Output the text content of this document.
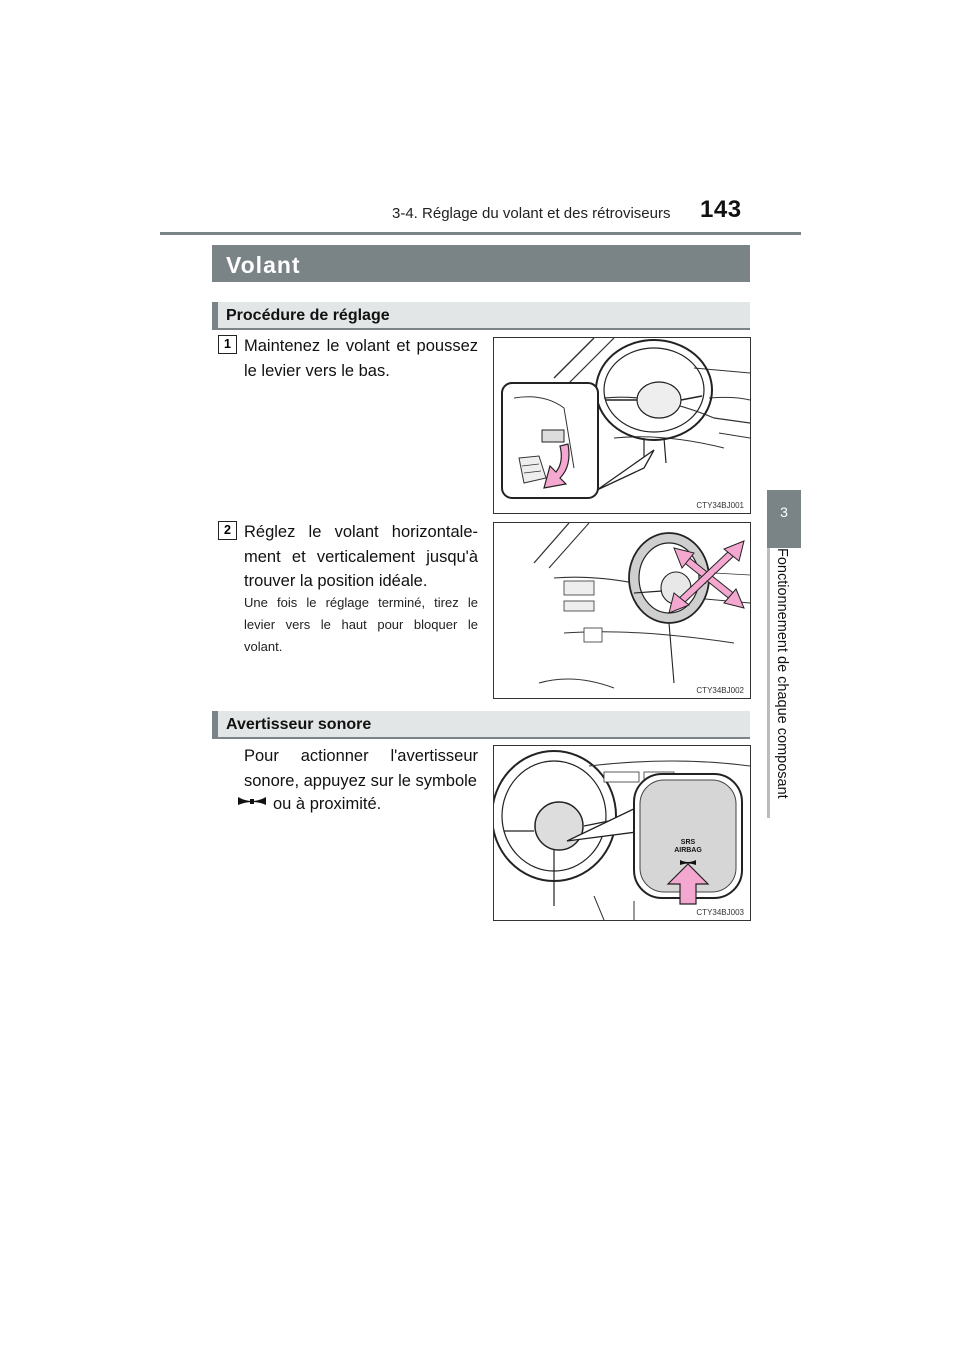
3-4. Réglage du volant et des rétroviseurs 143
3
Fonctionnement de chaque composant
Volant
Procédure de réglage
1 Maintenez le volant et poussez le levier vers le bas.
CTY34BJ001
2 Réglez le volant horizontale-ment et verticalement jusqu'à trouver la position idéale.
Une fois le réglage terminé, tirez le levier vers le haut pour bloquer le volant.
CTY34BJ002
Avertisseur sonore
Pour actionner l'avertisseur sonore, appuyez sur le symbole
ou à proximité.
SRS
AIRBAG
CTY34BJ003
